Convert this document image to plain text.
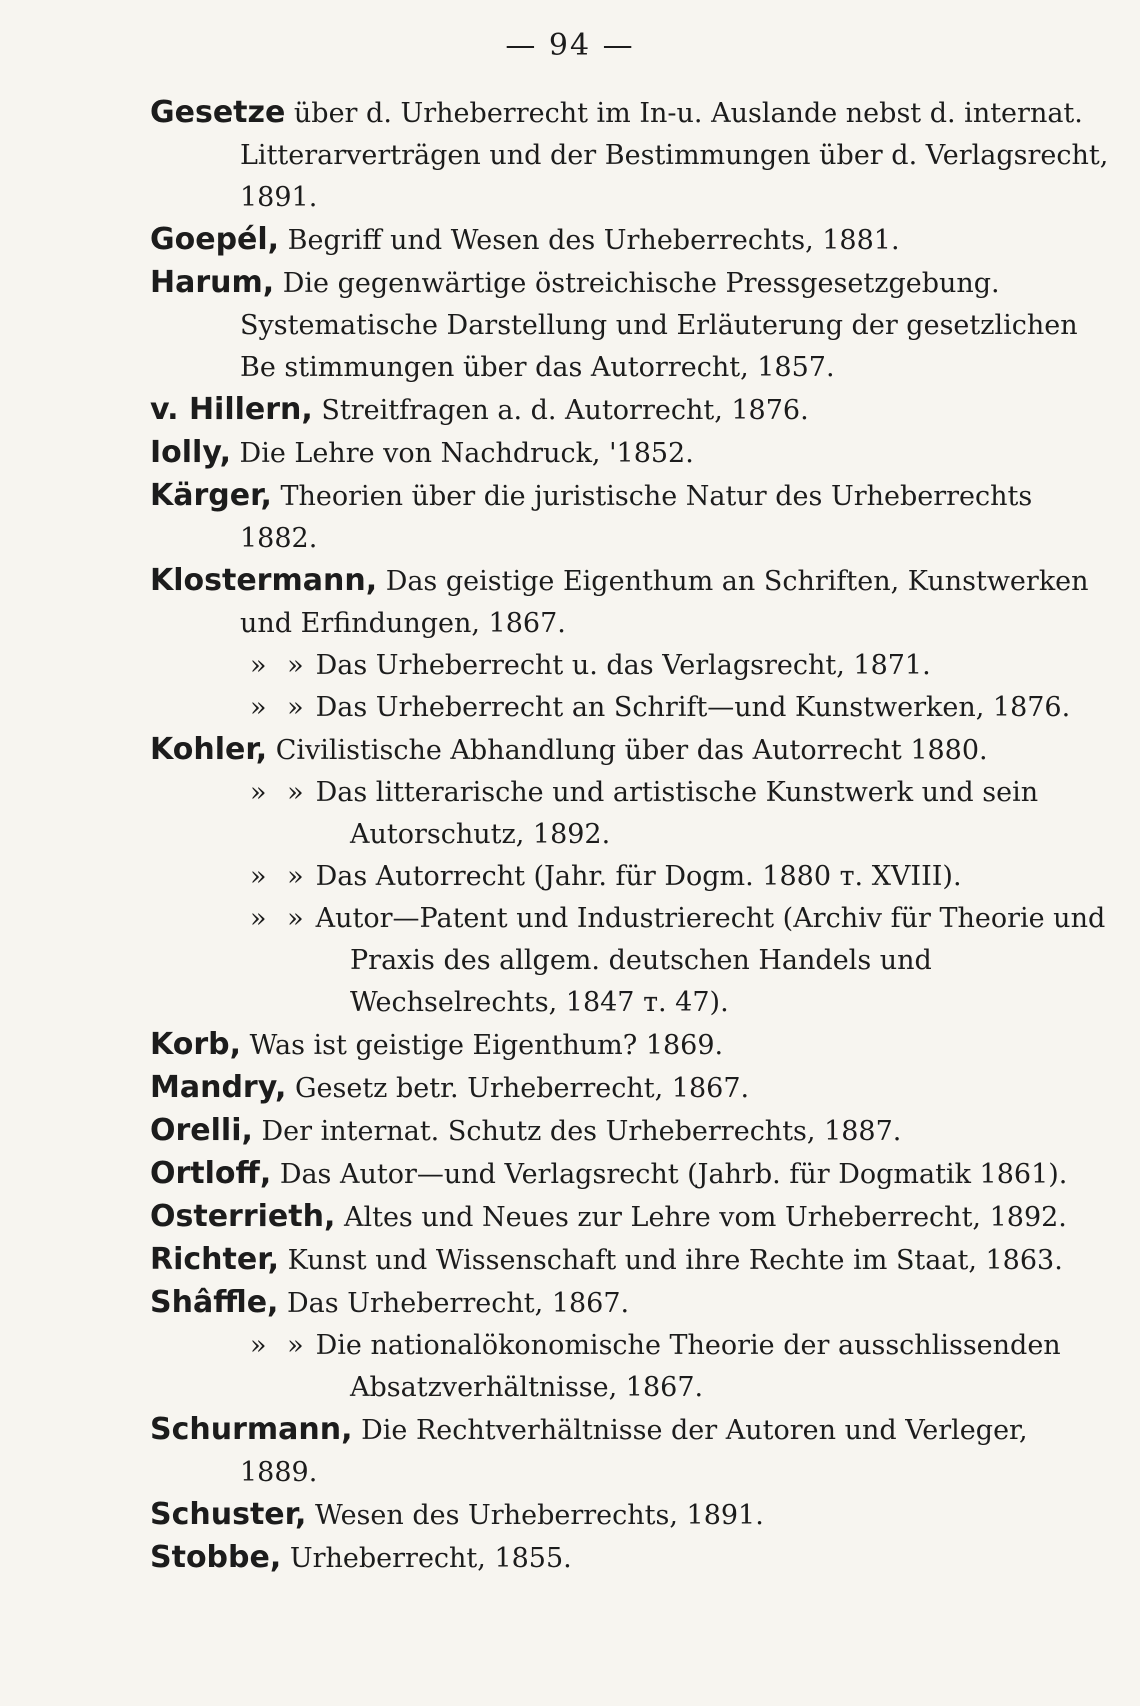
— 94 —
Gesetze über d. Urheberrecht im In-u. Auslande nebst d. internat. Litterarverträgen und der Bestimmungen über d. Verlagsrecht, 1891.
Goepél, Begriff und Wesen des Urheberrechts, 1881.
Harum, Die gegenwärtige östreichische Pressgesetzgebung. Systematische Darstellung und Erläuterung der gesetzlichen Be stimmungen über das Autorrecht, 1857.
v. Hillern, Streitfragen a. d. Autorrecht, 1876.
Iolly, Die Lehre von Nachdruck, '1852.
Kärger, Theorien über die juristische Natur des Urheberrechts 1882.
Klostermann, Das geistige Eigenthum an Schriften, Kunstwerken und Erfindungen, 1867.
» » Das Urheberrecht u. das Verlagsrecht, 1871.
» » Das Urheberrecht an Schrift—und Kunstwerken, 1876.
Kohler, Civilistische Abhandlung über das Autorrecht 1880.
» » Das litterarische und artistische Kunstwerk und sein Autorschutz, 1892.
» » Das Autorrecht (Jahr. für Dogm. 1880 т. XVIII).
» » Autor—Patent und Industrierecht (Archiv für Theorie und Praxis des allgem. deutschen Handels und Wechselrechts, 1847 т. 47).
Korb, Was ist geistige Eigenthum? 1869.
Mandry, Gesetz betr. Urheberrecht, 1867.
Orelli, Der internat. Schutz des Urheberrechts, 1887.
Ortloff, Das Autor—und Verlagsrecht (Jahrb. für Dogmatik 1861).
Osterrieth, Altes und Neues zur Lehre vom Urheberrecht, 1892.
Richter, Kunst und Wissenschaft und ihre Rechte im Staat, 1863.
Shâffle, Das Urheberrecht, 1867.
» » Die nationalökonomische Theorie der ausschlissenden Absatzverhältnisse, 1867.
Schurmann, Die Rechtverhältnisse der Autoren und Verleger, 1889.
Schuster, Wesen des Urheberrechts, 1891.
Stobbe, Urheberrecht, 1855.
